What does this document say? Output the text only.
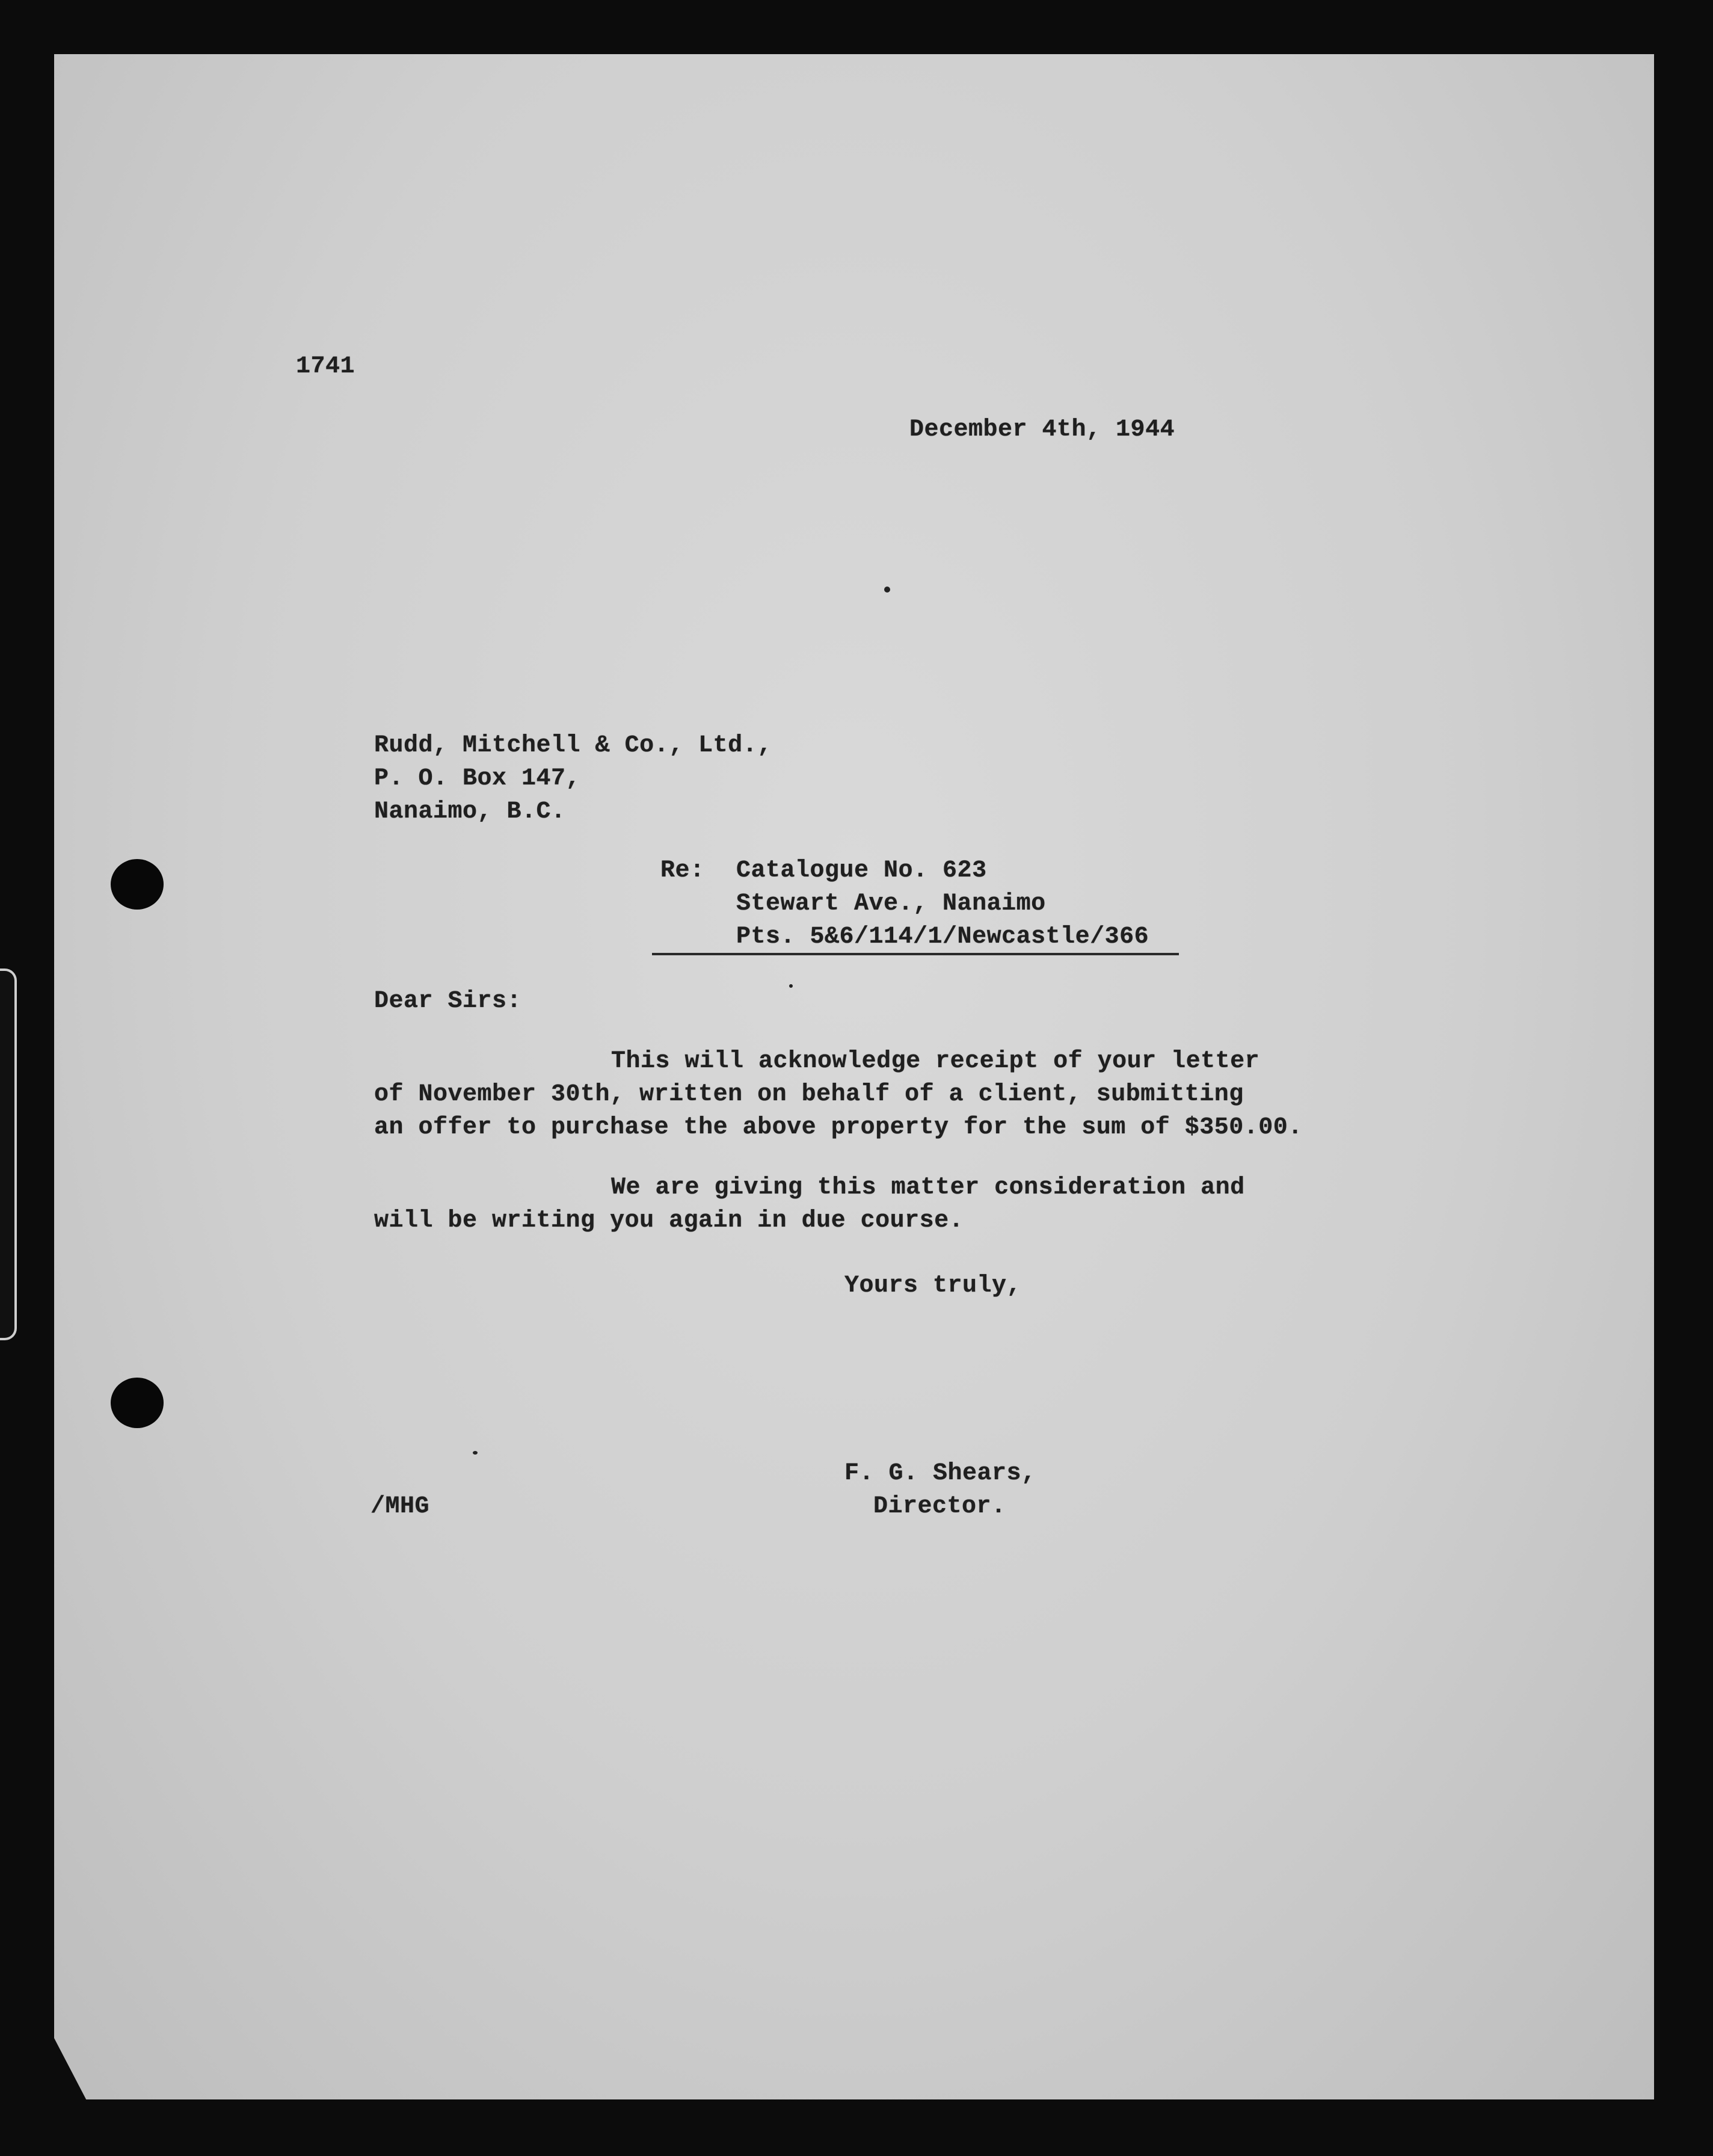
1741
December 4th, 1944
Rudd, Mitchell & Co., Ltd.,
P. O. Box 147,
Nanaimo, B.C.
Re: Catalogue No. 623
Stewart Ave., Nanaimo
Pts. 5&6/114/1/Newcastle/366
Dear Sirs:
This will acknowledge receipt of your letter
of November 30th, written on behalf of a client, submitting
an offer to purchase the above property for the sum of $350.00.
We are giving this matter consideration and
will be writing you again in due course.
Yours truly,
F. G. Shears,
Director.
/MHG
